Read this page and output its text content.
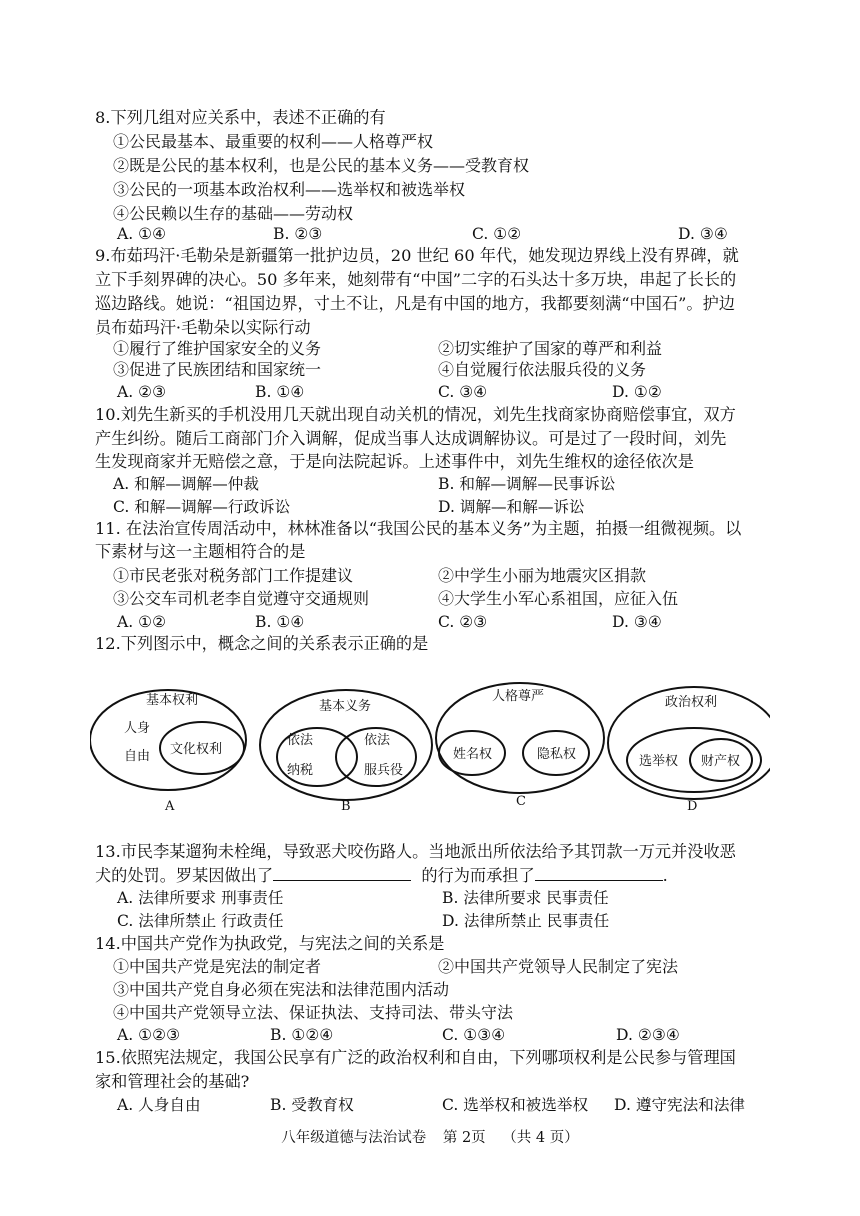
8.下列几组对应关系中，表述不正确的有
①公民最基本、最重要的权利——人格尊严权
②既是公民的基本权利，也是公民的基本义务——受教育权
③公民的一项基本政治权利——选举权和被选举权
④公民赖以生存的基础——劳动权
A. ①④	B. ②③	C. ①②	D. ③④
9.布茹玛汗·毛勒朵是新疆第一批护边员，20 世纪 60 年代，她发现边界线上没有界碑，就
立下手刻界碑的决心。50 多年来，她刻带有“中国”二字的石头达十多万块，串起了长长的
巡边路线。她说：“祖国边界，寸土不让，凡是有中国的地方，我都要刻满“中国石”。护边
员布茹玛汗·毛勒朵以实际行动
①履行了维护国家安全的义务	②切实维护了国家的尊严和利益
③促进了民族团结和国家统一	④自觉履行依法服兵役的义务
A. ②③	B. ①④	C. ③④	D. ①②
10.刘先生新买的手机没用几天就出现自动关机的情况，刘先生找商家协商赔偿事宜，双方
产生纠纷。随后工商部门介入调解，促成当事人达成调解协议。可是过了一段时间，刘先
生发现商家并无赔偿之意，于是向法院起诉。上述事件中，刘先生维权的途径依次是
A. 和解—调解—仲裁	B. 和解—调解—民事诉讼
C. 和解—调解—行政诉讼	D. 调解—和解—诉讼
11. 在法治宣传周活动中，林林准备以“我国公民的基本义务”为主题，拍摄一组微视频。以
下素材与这一主题相符合的是
①市民老张对税务部门工作提建议	②中学生小丽为地震灾区捐款
③公交车司机老李自觉遵守交通规则	④大学生小军心系祖国，应征入伍
A. ①②	B. ①④	C. ②③	D. ③④
12.下列图示中，概念之间的关系表示正确的是
基本权利
人身
自由 文化权利
A
基本义务
依法
纳税
依法
服兵役
B
人格尊严
姓名权	隐私权
C
政治权利
选举权 财产权
D
13.市民李某遛狗未栓绳，导致恶犬咬伤路人。当地派出所依法给予其罚款一万元并没收恶
犬的处罚。罗某因做出了	的行为而承担了	.
A. 法律所要求 刑事责任	B. 法律所要求 民事责任
C. 法律所禁止 行政责任	D. 法律所禁止 民事责任
14.中国共产党作为执政党，与宪法之间的关系是
①中国共产党是宪法的制定者	②中国共产党领导人民制定了宪法
③中国共产党自身必须在宪法和法律范围内活动
④中国共产党领导立法、保证执法、支持司法、带头守法
A. ①②③	B. ①②④	C. ①③④	D. ②③④
15.依照宪法规定，我国公民享有广泛的政治权利和自由，下列哪项权利是公民参与管理国
家和管理社会的基础?
A. 人身自由	B. 受教育权	C. 选举权和被选举权 D. 遵守宪法和法律
八年级道德与法治试卷 第 2页 （共 4 页）
